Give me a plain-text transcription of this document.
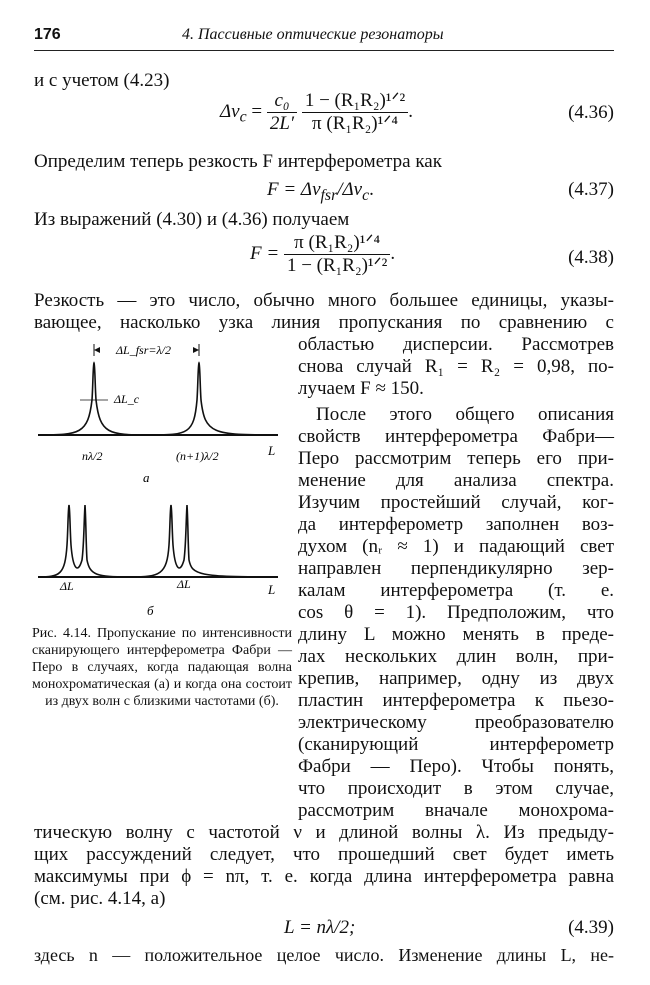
176	4. Пассивные оптические резонаторы
и с учетом (4.23)
$\Delta\nu_c = \frac{\text{c₀}}{2L'}$
$\frac{\text{1 − (R₁R₂)¹ᐟ²}}{\text{π (R₁R₂)¹ᐟ⁴}}$ .	(4.36)
Определим теперь резкость F интерферометра как
$F = \Delta\nu_{fsr}/\Delta\nu_c$.	(4.37)
Из выражений (4.30) и (4.36) получаем
$F = \frac{\text{π (R₁R₂)¹ᐟ⁴}}{\text{1 − (R₁R₂)¹ᐟ²}}$ .	(4.38)
Резкость — это число, обычно много большее единицы, указы-
вающее, насколько узка линия пропускания по сравнению с
областью дисперсии. Рассмотрев
снова случай R₁ = R₂ = 0,98, по-
лучаем F ≈ 150.
После этого общего описания
свойств интерферометра Фабри—
Перо рассмотрим теперь его при-
менение для анализа спектра.
Изучим простейший случай, ког-
да интерферометр заполнен воз-
духом (nᵣ ≈ 1) и падающий свет
направлен перпендикулярно зер-
калам интерферометра (т. е.
cos θ = 1). Предположим, что
длину L можно менять в преде-
лах нескольких длин волн, при-
крепив, например, одну из двух
пластин интерферометра к пьезо-
электрическому преобразователю
(сканирующий интерферометр
Фабри — Перо). Чтобы понять,
что происходит в этом случае,
рассмотрим вначале монохрома-
тическую волну с частотой ν и длиной волны λ. Из предыду-
щих рассуждений следует, что прошедший свет будет иметь
максимумы при ϕ = nπ, т. е. когда длина интерферометра равна
(см. рис. 4.14, a)
L = nλ/2;	(4.39)
здесь n — положительное целое число. Изменение длины L, не-
ΔL_fsr=λ/2
ΔL_c
nλ/2	(n+1)λ/2	L
a
ΔL	ΔL	L
б
Рис. 4.14. Пропускание по интенсивности сканирующего интерферометра Фабри — Перо в случаях, когда падающая волна монохроматическая (а) и когда она состоит из двух волн с близкими частотами (б).
